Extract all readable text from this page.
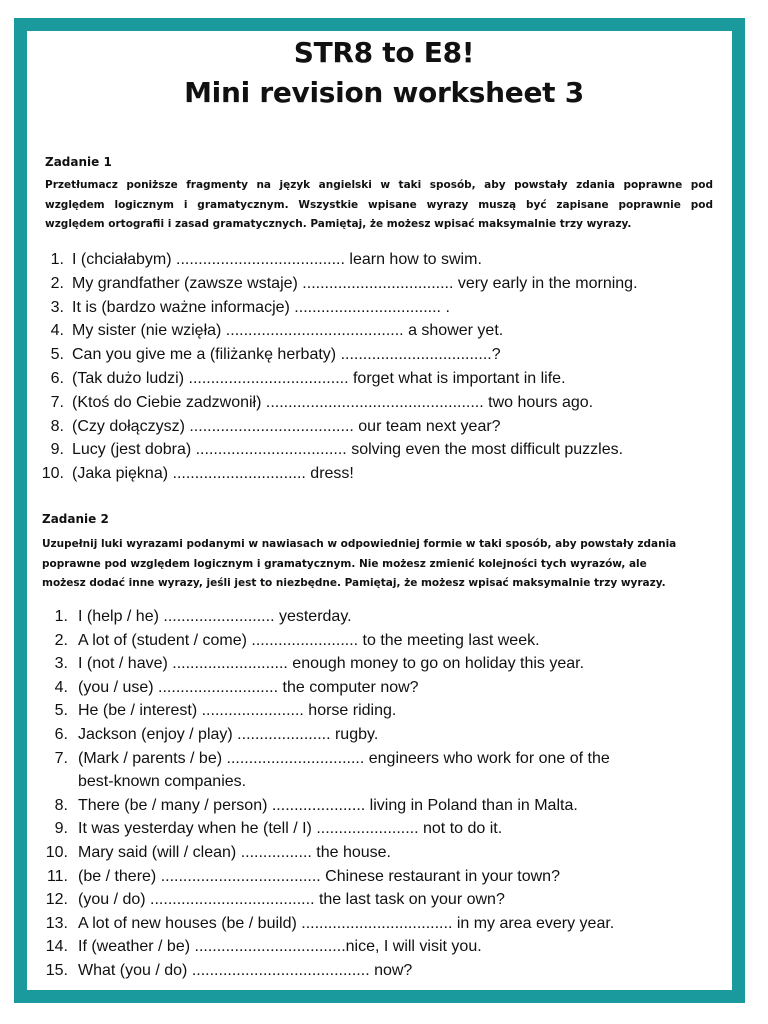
STR8 to E8!
Mini revision worksheet 3
Zadanie 1
Przetłumacz poniższe fragmenty na język angielski w taki sposób, aby powstały zdania poprawne pod
względem logicznym i gramatycznym. Wszystkie wpisane wyrazy muszą być zapisane poprawnie pod
względem ortografii i zasad gramatycznych. Pamiętaj, że możesz wpisać maksymalnie trzy wyrazy.
1. I (chciałabym) ...................................... learn how to swim.
2. My grandfather (zawsze wstaje) .................................. very early in the morning.
3. It is (bardzo ważne informacje) ................................. .
4. My sister (nie wzięła) ........................................ a shower yet.
5. Can you give me a (filiżankę herbaty) ..................................?
6. (Tak dużo ludzi) .................................... forget what is important in life.
7. (Ktoś do Ciebie zadzwonił) ................................................. two hours ago.
8. (Czy dołączysz) ..................................... our team next year?
9. Lucy (jest dobra) .................................. solving even the most difficult puzzles.
10. (Jaka piękna) .............................. dress!
Zadanie 2
Uzupełnij luki wyrazami podanymi w nawiasach w odpowiedniej formie w taki sposób, aby powstały zdania
poprawne pod względem logicznym i gramatycznym. Nie możesz zmienić kolejności tych wyrazów, ale
możesz dodać inne wyrazy, jeśli jest to niezbędne. Pamiętaj, że możesz wpisać maksymalnie trzy wyrazy.
1. I (help / he) ......................... yesterday.
2. A lot of (student / come) ........................ to the meeting last week.
3. I (not / have) .......................... enough money to go on holiday this year.
4. (you / use) ........................... the computer now?
5. He (be / interest) ....................... horse riding.
6. Jackson (enjoy / play) ..................... rugby.
7. (Mark / parents / be) ............................... engineers who work for one of the
best-known companies.
8. There (be / many / person) ..................... living in Poland than in Malta.
9. It was yesterday when he (tell / I) ....................... not to do it.
10. Mary said (will / clean) ................ the house.
11. (be / there) .................................... Chinese restaurant in your town?
12. (you / do) ..................................... the last task on your own?
13. A lot of new houses (be / build) .................................. in my area every year.
14. If (weather / be) ..................................nice, I will visit you.
15. What (you / do) ........................................ now?
